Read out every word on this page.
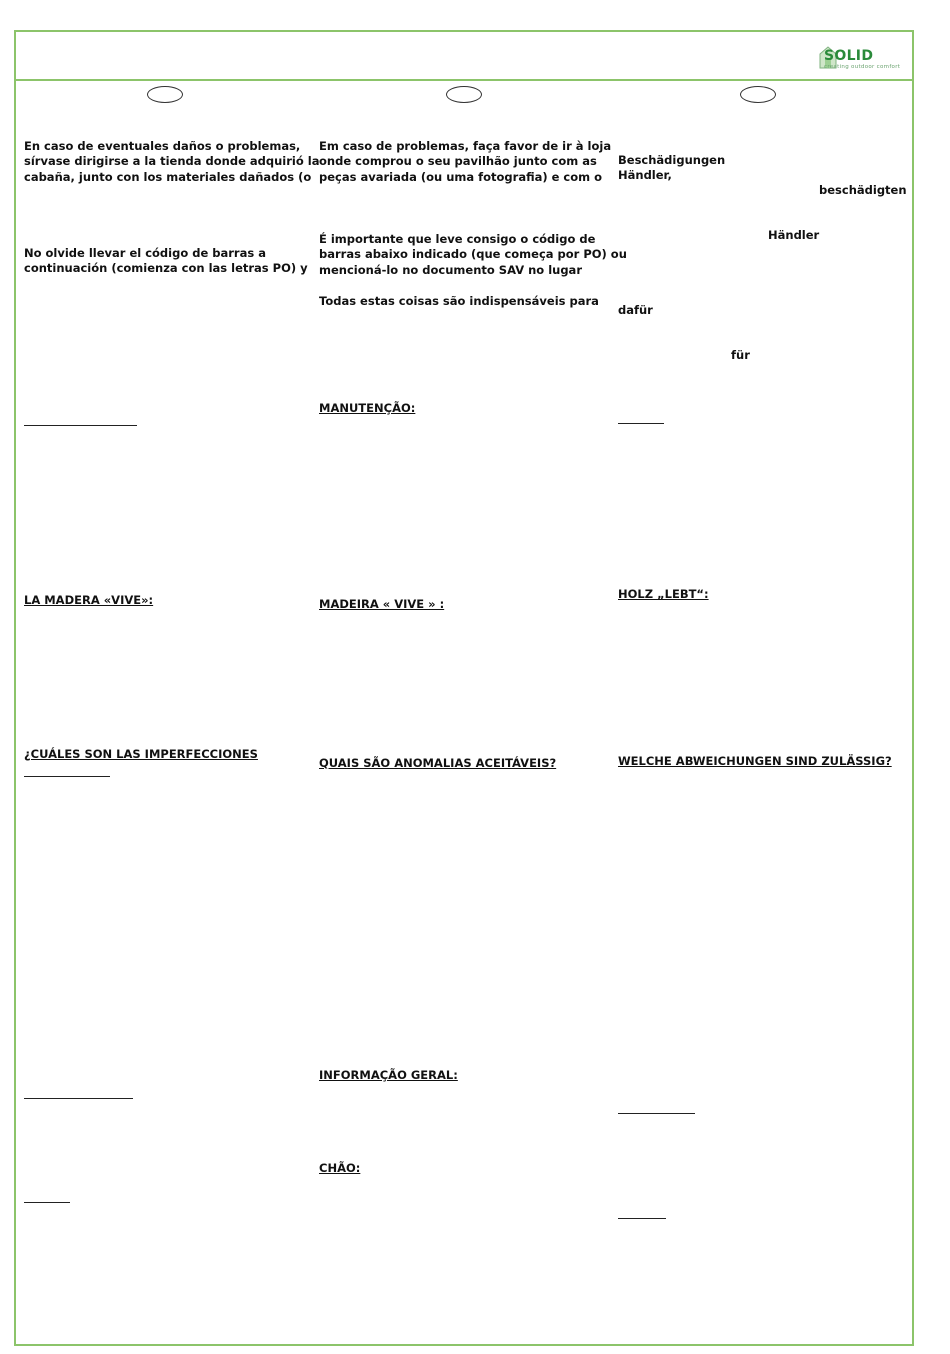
SOLID
creating outdoor comfort
En caso de eventuales daños o problemas,
sírvase dirigirse a la tienda donde adquirió la
cabaña, junto con los materiales dañados (o
No olvide llevar el código de barras a
continuación (comienza con las letras PO) y
LA MADERA «VIVE»:
¿CUÁLES SON LAS IMPERFECCIONES
Em caso de problemas, faça favor de ir à loja
onde comprou o seu pavilhão junto com as
peças avariada (ou uma fotografia) e com o
É importante que leve consigo o código de
barras abaixo indicado (que começa por PO) ou
mencioná-lo no documento SAV no lugar
Todas estas coisas são indispensáveis para
MANUTENÇÃO:
MADEIRA « VIVE » :
QUAIS SÃO ANOMALIAS ACEITÁVEIS?
INFORMAÇÃO GERAL:
CHÃO:
Beschädigungen
Händler,
beschädigten
Händler
dafür
für
HOLZ „LEBT“:
WELCHE ABWEICHUNGEN SIND ZULÄSSIG?
